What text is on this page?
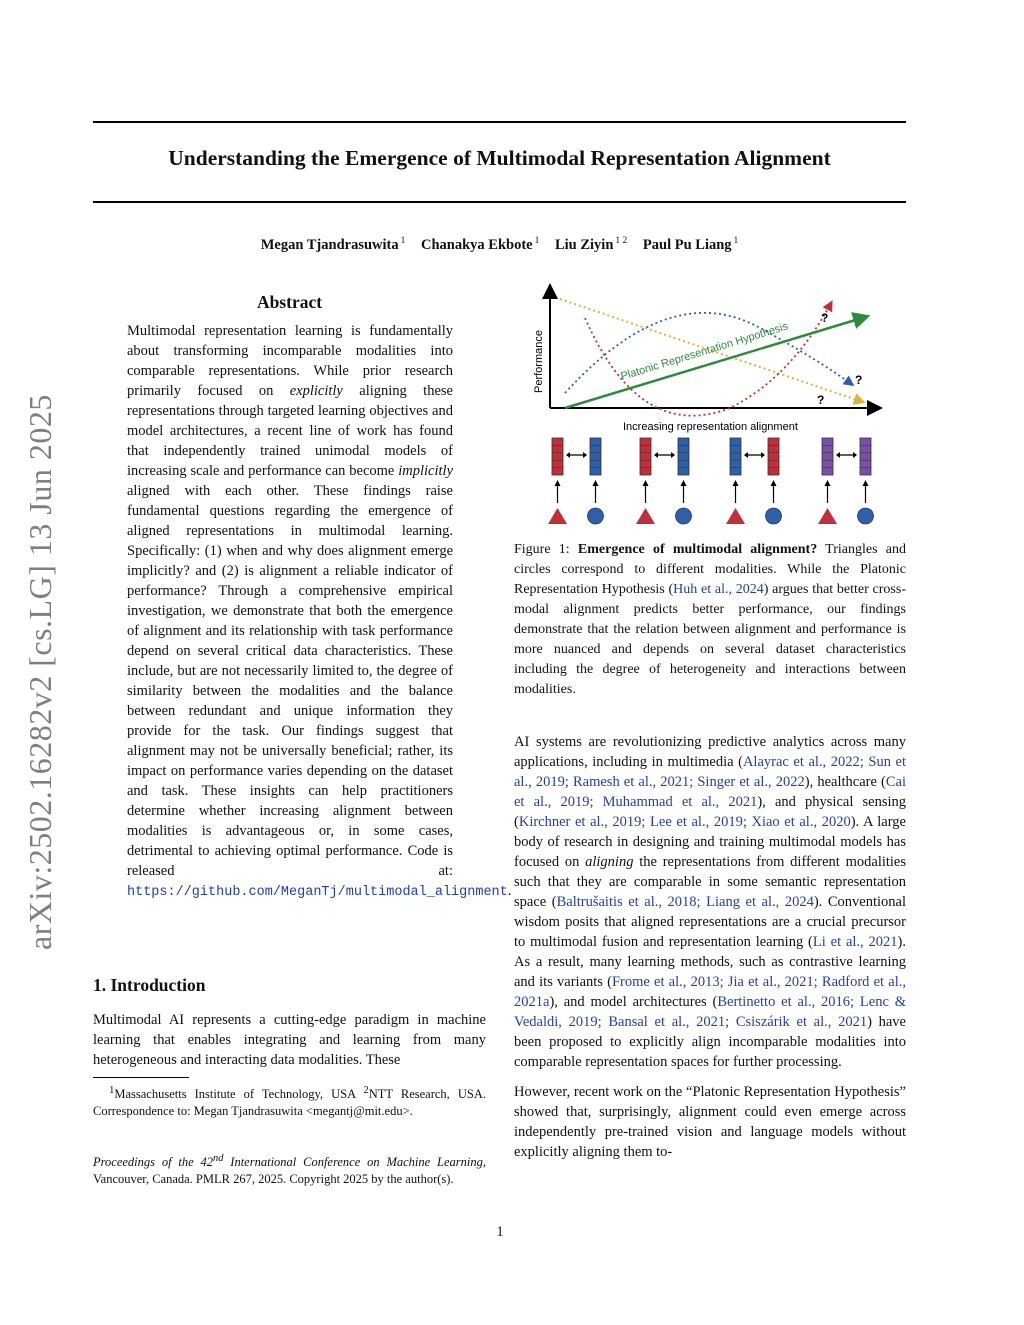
Understanding the Emergence of Multimodal Representation Alignment
Megan Tjandrasuwita $^1$ Chanakya Ekbote $^1$ Liu Ziyin $^{1 2}$ Paul Pu Liang $^1$
arXiv:2502.16282v2 [cs.LG] 13 Jun 2025
Abstract
Multimodal representation learning is fundamentally about transforming incomparable modalities into comparable representations. While prior research primarily focused on explicitly aligning these representations through targeted learning objectives and model architectures, a recent line of work has found that independently trained unimodal models of increasing scale and performance can become implicitly aligned with each other. These findings raise fundamental questions regarding the emergence of aligned representations in multimodal learning. Specifically: (1) when and why does alignment emerge implicitly? and (2) is alignment a reliable indicator of performance? Through a comprehensive empirical investigation, we demonstrate that both the emergence of alignment and its relationship with task performance depend on several critical data characteristics. These include, but are not necessarily limited to, the degree of similarity between the modalities and the balance between redundant and unique information they provide for the task. Our findings suggest that alignment may not be universally beneficial; rather, its impact on performance varies depending on the dataset and task. These insights can help practitioners determine whether increasing alignment between modalities is advantageous or, in some cases, detrimental to achieving optimal performance. Code is released at: https://github.com/MeganTj/multimodal_alignment.
1. Introduction
Multimodal AI represents a cutting-edge paradigm in machine learning that enables integrating and learning from many heterogeneous and interacting data modalities. These
$^1$Massachusetts Institute of Technology, USA $^2$NTT Research, USA. Correspondence to: Megan Tjandrasuwita <megantj@mit.edu>.
Proceedings of the 42nd International Conference on Machine Learning, Vancouver, Canada. PMLR 267, 2025. Copyright 2025 by the author(s).
Performance
Increasing representation alignment
Platonic Representation Hypothesis
?
?
?
Figure 1: Emergence of multimodal alignment? Triangles and circles correspond to different modalities. While the Platonic Representation Hypothesis (Huh et al., 2024) argues that better cross-modal alignment predicts better performance, our findings demonstrate that the relation between alignment and performance is more nuanced and depends on several dataset characteristics including the degree of heterogeneity and interactions between modalities.

AI systems are revolutionizing predictive analytics across many applications, including in multimedia (Alayrac et al., 2022; Sun et al., 2019; Ramesh et al., 2021; Singer et al., 2022), healthcare (Cai et al., 2019; Muhammad et al., 2021), and physical sensing (Kirchner et al., 2019; Lee et al., 2019; Xiao et al., 2020). A large body of research in designing and training multimodal models has focused on aligning the representations from different modalities such that they are comparable in some semantic representation space (Baltrušaitis et al., 2018; Liang et al., 2024). Conventional wisdom posits that aligned representations are a crucial precursor to multimodal fusion and representation learning (Li et al., 2021). As a result, many learning methods, such as contrastive learning and its variants (Frome et al., 2013; Jia et al., 2021; Radford et al., 2021a), and model architectures (Bertinetto et al., 2016; Lenc & Vedaldi, 2019; Bansal et al., 2021; Csiszárik et al., 2021) have been proposed to explicitly align incomparable modalities into comparable representation spaces for further processing.

However, recent work on the “Platonic Representation Hypothesis” showed that, surprisingly, alignment could even emerge across independently pre-trained vision and language models without explicitly aligning them to-

1
